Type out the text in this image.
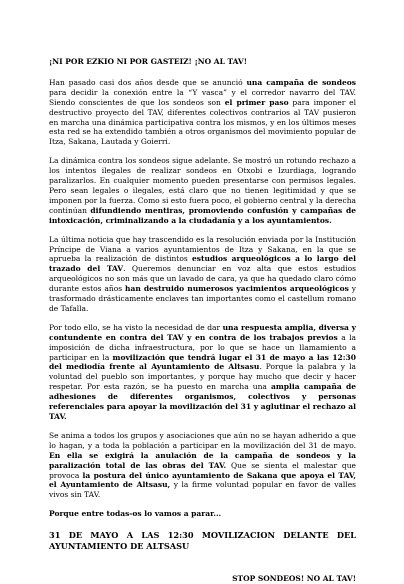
¡NI POR EZKIO NI POR GASTEIZ! ¡NO AL TAV!

Han pasado casi dos años desde que se anunció una campaña de sondeos para decidir la conexión entre la “Y vasca” y el corredor navarro del TAV. Siendo conscientes de que los sondeos son el primer paso para imponer el destructivo proyecto del TAV, diferentes colectivos contrarios al TAV pusieron en marcha una dinámica participativa contra los mismos, y en los últimos meses esta red se ha extendido también a otros organismos del movimiento popular de Itza, Sakana, Lautada y Goierri.

La dinámica contra los sondeos sigue adelante. Se mostró un rotundo rechazo a los intentos ilegales de realizar sondeos en Otxobi e Izurdiaga, logrando paralizarlos. En cualquier momento pueden presentarse con permisos legales. Pero sean legales o ilegales, está claro que no tienen legitimidad y que se imponen por la fuerza. Como si esto fuera poco, el gobierno central y la derecha continúan difundiendo mentiras, promoviendo confusión y campañas de intoxicación, criminalizando a la ciudadanía y a los ayuntamientos.

La última noticia que hay trascendido es la resolución enviada por la Institución Príncipe de Viana a varios ayuntamientos de Itza y Sakana, en la que se aprueba la realización de distintos estudios arqueológicos a lo largo del trazado del TAV. Queremos denunciar en voz alta que estos estudios arqueológicos no son más que un lavado de cara, ya que ha quedado claro cómo durante estos años han destruido numerosos yacimientos arqueológicos y trasformado drásticamente enclaves tan importantes como el castellum romano de Tafalla.

Por todo ello, se ha visto la necesidad de dar una respuesta amplia, diversa y contundente en contra del TAV y en contra de los trabajos previos a la imposición de dicha infraestructura, por lo que se hace un llamamiento a participar en la movilización que tendrá lugar el 31 de mayo a las 12:30 del mediodía frente al Ayuntamiento de Altsasu. Porque la palabra y la voluntad del pueblo son importantes, y porque hay mucho que decir y hacer respetar. Por esta razón, se ha puesto en marcha una amplia campaña de adhesiones de diferentes organismos, colectivos y personas referenciales para apoyar la movilización del 31 y aglutinar el rechazo al TAV.

Se anima a todos los grupos y asociaciones que aún no se hayan adherido a que lo hagan, y a toda la población a participar en la movilización del 31 de mayo. En ella se exigirá la anulación de la campaña de sondeos y la paralización total de las obras del TAV. Que se sienta el malestar que provoca la postura del único ayuntamiento de Sakana que apoya el TAV, el Ayuntamiento de Altsasu, y la firme voluntad popular en favor de valles vivos sin TAV.

Porque entre todas-os lo vamos a parar...

31 DE MAYO A LAS 12:30 MOVILIZACION DELANTE DEL AYUNTAMIENTO DE ALTSASU

STOP SONDEOS! NO AL TAV!
